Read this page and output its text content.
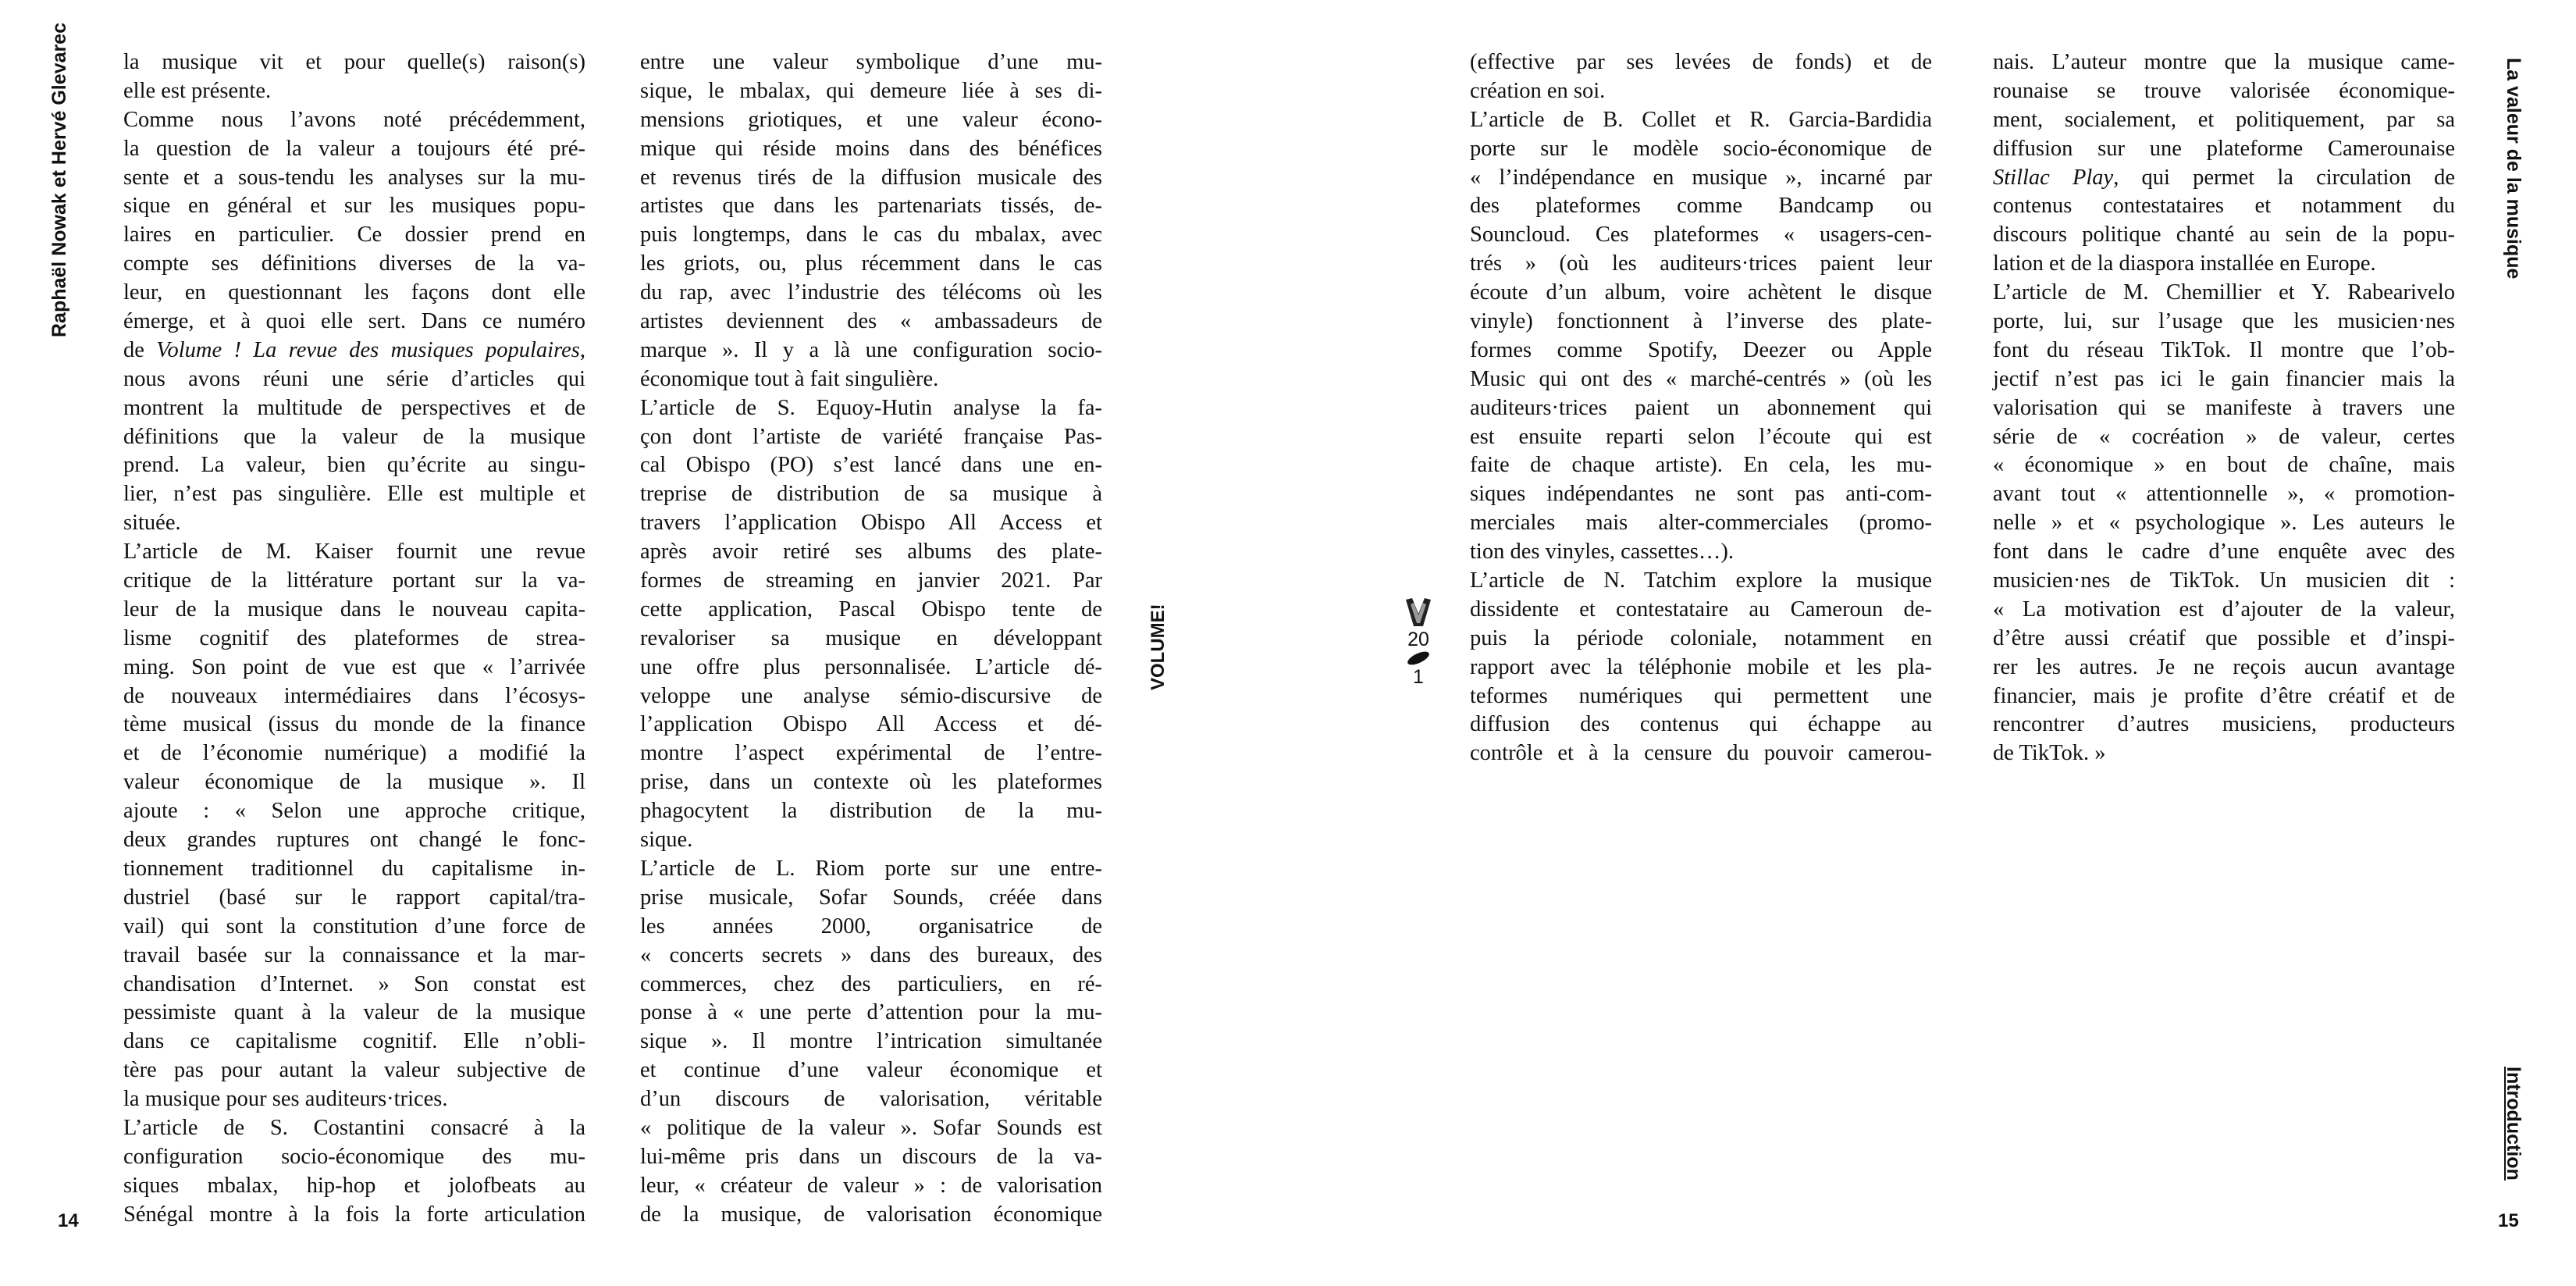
Raphaël Nowak et Hervé Glevarec la musique vit et pour quelle(s) raison(s)
elle est présente.
Comme nous l’avons noté précédemment,
la question de la valeur a toujours été pré-
sente et a sous-tendu les analyses sur la mu-
sique en général et sur les musiques popu-
laires en particulier. Ce dossier prend en
compte ses définitions diverses de la va-
leur, en questionnant les façons dont elle
émerge, et à quoi elle sert. Dans ce numéro
de Volume ! La revue des musiques populaires,
nous avons réuni une série d’articles qui
montrent la multitude de perspectives et de
définitions que la valeur de la musique
prend. La valeur, bien qu’écrite au singu-
lier, n’est pas singulière. Elle est multiple et
située.
L’article de M. Kaiser fournit une revue
critique de la littérature portant sur la va-
leur de la musique dans le nouveau capita-
lisme cognitif des plateformes de strea-
ming. Son point de vue est que « l’arrivée
de nouveaux intermédiaires dans l’écosys-
tème musical (issus du monde de la finance
et de l’économie numérique) a modifié la
valeur économique de la musique ». Il
ajoute : « Selon une approche critique,
deux grandes ruptures ont changé le fonc-
tionnement traditionnel du capitalisme in-
dustriel (basé sur le rapport capital/tra-
vail) qui sont la constitution d’une force de
travail basée sur la connaissance et la mar-
chandisation d’Internet. » Son constat est
pessimiste quant à la valeur de la musique
dans ce capitalisme cognitif. Elle n’obli-
tère pas pour autant la valeur subjective de
la musique pour ses auditeurs·trices.
L’article de S. Costantini consacré à la
configuration socio-économique des mu-
siques mbalax, hip-hop et jolofbeats au
Sénégal montre à la fois la forte articulation
entre une valeur symbolique d’une mu-
sique, le mbalax, qui demeure liée à ses di-
mensions griotiques, et une valeur écono-
mique qui réside moins dans des bénéfices
et revenus tirés de la diffusion musicale des
artistes que dans les partenariats tissés, de-
puis longtemps, dans le cas du mbalax, avec
les griots, ou, plus récemment dans le cas
du rap, avec l’industrie des télécoms où les
artistes deviennent des « ambassadeurs de
marque ». Il y a là une configuration socio-
économique tout à fait singulière.
L’article de S. Equoy-Hutin analyse la fa-
çon dont l’artiste de variété française Pas-
cal Obispo (PO) s’est lancé dans une en-
treprise de distribution de sa musique à
travers l’application Obispo All Access et
après avoir retiré ses albums des plate-
formes de streaming en janvier 2021. Par
cette application, Pascal Obispo tente de
revaloriser sa musique en développant
une offre plus personnalisée. L’article dé-
veloppe une analyse sémio-discursive de
l’application Obispo All Access et dé-
montre l’aspect expérimental de l’entre-
prise, dans un contexte où les plateformes
phagocytent la distribution de la mu-
sique.
L’article de L. Riom porte sur une entre-
prise musicale, Sofar Sounds, créée dans
les années 2000, organisatrice de
« concerts secrets » dans des bureaux, des
commerces, chez des particuliers, en ré-
ponse à « une perte d’attention pour la mu-
sique ». Il montre l’intrication simultanée
et continue d’une valeur économique et
d’un discours de valorisation, véritable
« politique de la valeur ». Sofar Sounds est
lui-même pris dans un discours de la va-
leur, « créateur de valeur » : de valorisation
de la musique, de valorisation économique
VOLUME!
14
20
1
(effective par ses levées de fonds) et de
création en soi.
L’article de B. Collet et R. Garcia-Bardidia
porte sur le modèle socio-économique de
« l’indépendance en musique », incarné par
des plateformes comme Bandcamp ou
Souncloud. Ces plateformes « usagers-cen-
trés » (où les auditeurs·trices paient leur
écoute d’un album, voire achètent le disque
vinyle) fonctionnent à l’inverse des plate-
formes comme Spotify, Deezer ou Apple
Music qui ont des « marché-centrés » (où les
auditeurs·trices paient un abonnement qui
est ensuite reparti selon l’écoute qui est
faite de chaque artiste). En cela, les mu-
siques indépendantes ne sont pas anti-com-
merciales mais alter-commerciales (promo-
tion des vinyles, cassettes…).
L’article de N. Tatchim explore la musique
dissidente et contestataire au Cameroun de-
puis la période coloniale, notamment en
rapport avec la téléphonie mobile et les pla-
teformes numériques qui permettent une
diffusion des contenus qui échappe au
contrôle et à la censure du pouvoir camerou-
nais. L’auteur montre que la musique came-
rounaise se trouve valorisée économique-
ment, socialement, et politiquement, par sa
diffusion sur une plateforme Camerounaise
Stillac Play, qui permet la circulation de
contenus contestataires et notamment du
discours politique chanté au sein de la popu-
lation et de la diaspora installée en Europe.
L’article de M. Chemillier et Y. Rabearivelo
porte, lui, sur l’usage que les musicien·nes
font du réseau TikTok. Il montre que l’ob-
jectif n’est pas ici le gain financier mais la
valorisation qui se manifeste à travers une
série de « cocréation » de valeur, certes
« économique » en bout de chaîne, mais
avant tout « attentionnelle », « promotion-
nelle » et « psychologique ». Les auteurs le
font dans le cadre d’une enquête avec des
musicien·nes de TikTok. Un musicien dit :
« La motivation est d’ajouter de la valeur,
d’être aussi créatif que possible et d’inspi-
rer les autres. Je ne reçois aucun avantage
financier, mais je profite d’être créatif et de
rencontrer d’autres musiciens, producteurs
de TikTok. »
La valeur de la musique
Introduction
15
